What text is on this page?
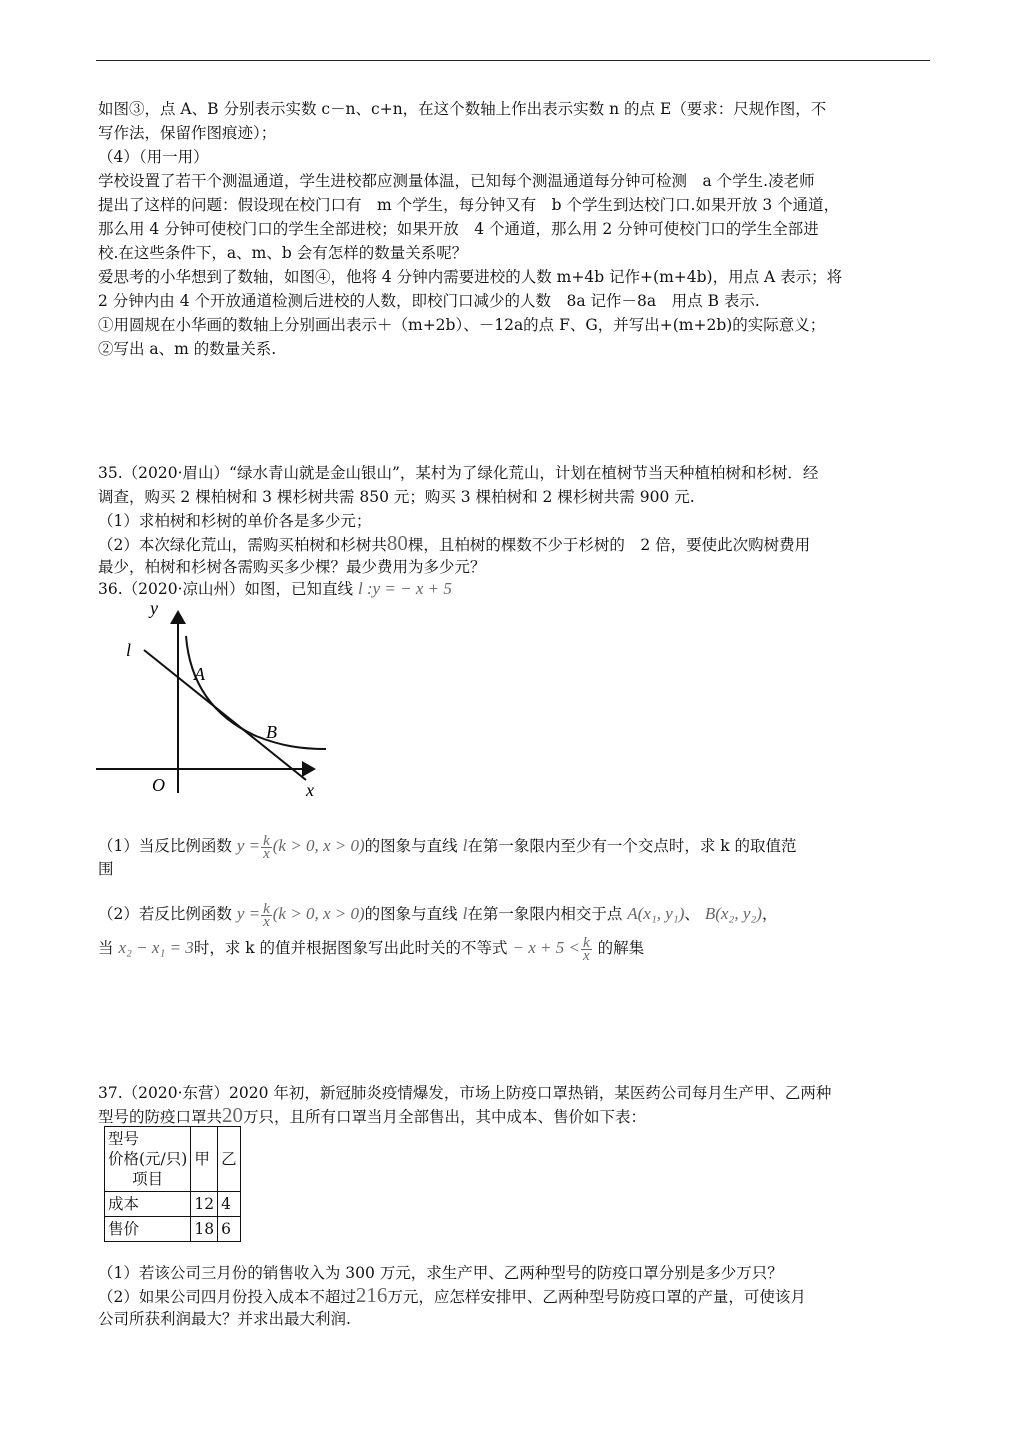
如图③，点 A、B 分别表示实数 c－n、c+n，在这个数轴上作出表示实数 n 的点 E（要求：尺规作图，不
写作法，保留作图痕迹）；
（4）（用一用）
学校设置了若干个测温通道，学生进校都应测量体温，已知每个测温通道每分钟可检测　a 个学生.凌老师
提出了这样的问题：假设现在校门口有　m 个学生，每分钟又有　b 个学生到达校门口.如果开放 3 个通道，
那么用 4 分钟可使校门口的学生全部进校；如果开放　4 个通道，那么用 2 分钟可使校门口的学生全部进
校.在这些条件下，a、m、b 会有怎样的数量关系呢？
爱思考的小华想到了数轴，如图④，他将 4 分钟内需要进校的人数 m+4b 记作+(m+4b)，用点 A 表示；将
2 分钟内由 4 个开放通道检测后进校的人数，即校门口减少的人数　8a 记作－8a　用点 B 表示.
①用圆规在小华画的数轴上分别画出表示＋（m+2b）、－12a的点 F、G，并写出+(m+2b)的实际意义；
②写出 a、m 的数量关系.
35.（2020·眉山）“绿水青山就是金山银山”，某村为了绿化荒山，计划在植树节当天种植柏树和杉树．经
调查，购买 2 棵柏树和 3 棵杉树共需 850 元；购买 3 棵柏树和 2 棵杉树共需 900 元.
（1）求柏树和杉树的单价各是多少元；
（2）本次绿化荒山，需购买柏树和杉树共80棵，且柏树的棵数不少于杉树的　2 倍，要使此次购树费用
最少，柏树和杉树各需购买多少棵？最少费用为多少元？
36.（2020·凉山州）如图，已知直线 l :y = − x + 5
y
l
A
B
O	x
（1）当反比例函数 $y = \frac{k}{x} (k > 0$, x > 0)的图象与直线 l在第一象限内至少有一个交点时，求 k 的取值范
围
（2）若反比例函数 $y = \frac{k}{x} (k > 0$, x > 0)的图象与直线 l在第一象限内相交于点 A(x₁, y₁)、 B(x₂, y₂)，
当 x₂ − x₁ = 3时，求 k 的值并根据图象写出此时关的不等式 − $x + 5 < \frac{k}{x}$ 的解集
37.（2020·东营）2020 年初，新冠肺炎疫情爆发，市场上防疫口罩热销，某医药公司每月生产甲、乙两种
型号的防疫口罩共20万只，且所有口罩当月全部售出，其中成本、售价如下表：
型号
价格(元/只)
项目	甲	乙
成本	12	4
售价	18	6
（1）若该公司三月份的销售收入为 300 万元，求生产甲、乙两种型号的防疫口罩分别是多少万只？
（2）如果公司四月份投入成本不超过216万元，应怎样安排甲、乙两种型号防疫口罩的产量，可使该月
公司所获利润最大？并求出最大利润.
